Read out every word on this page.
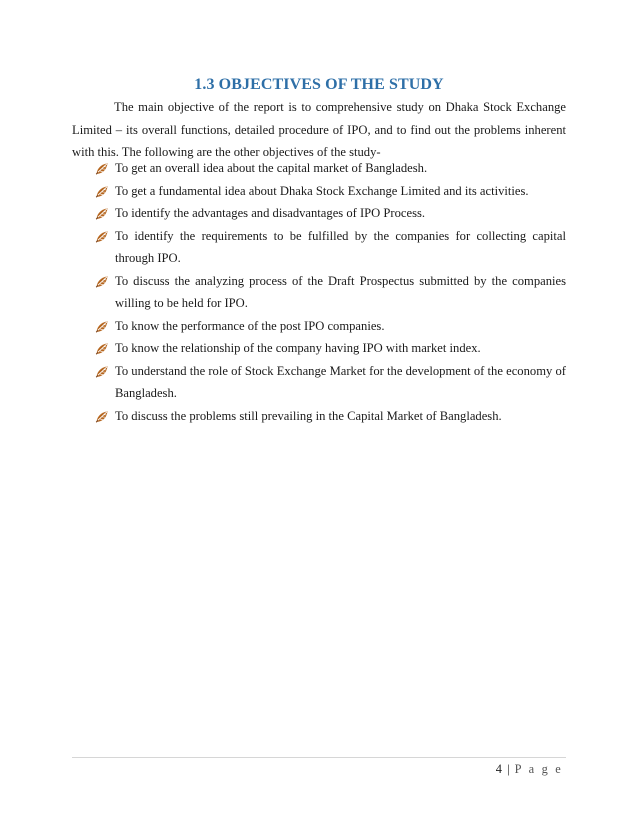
1.3 OBJECTIVES OF THE STUDY

The main objective of the report is to comprehensive study on Dhaka Stock Exchange Limited – its overall functions, detailed procedure of IPO, and to find out the problems inherent with this. The following are the other objectives of the study-

To get an overall idea about the capital market of Bangladesh.
To get a fundamental idea about Dhaka Stock Exchange Limited and its activities.
To identify the advantages and disadvantages of IPO Process.
To identify the requirements to be fulfilled by the companies for collecting capital through IPO.
To discuss the analyzing process of the Draft Prospectus submitted by the companies willing to be held for IPO.
To know the performance of the post IPO companies.
To know the relationship of the company having IPO with market index.
To understand the role of Stock Exchange Market for the development of the economy of Bangladesh.
To discuss the problems still prevailing in the Capital Market of Bangladesh.
4 | P a g e
